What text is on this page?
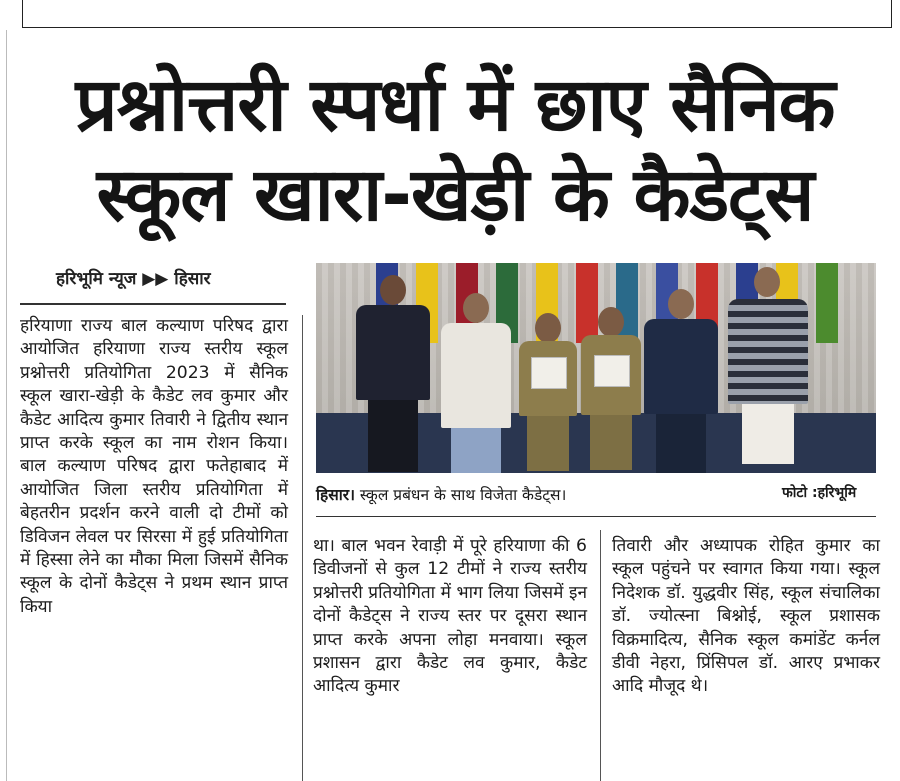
प्रश्नोत्तरी स्पर्धा में छाए सैनिक
स्कूल खारा-खेड़ी के कैडेट्स
हरिभूमि न्यूज ▶▶ हिसार
हरियाणा राज्य बाल कल्याण परिषद द्वारा आयोजित हरियाणा राज्य स्तरीय स्कूल प्रश्नोत्तरी प्रतियोगिता 2023 में सैनिक स्कूल खारा-खेड़ी के कैडेट लव कुमार और कैडेट आदित्य कुमार तिवारी ने द्वितीय स्थान प्राप्त करके स्कूल का नाम रोशन किया। बाल कल्याण परिषद द्वारा फतेहाबाद में आयोजित जिला स्तरीय प्रतियोगिता में बेहतरीन प्रदर्शन करने वाली दो टीमों को डिविजन लेवल पर सिरसा में हुई प्रतियोगिता में हिस्सा लेने का मौका मिला जिसमें सैनिक स्कूल के दोनों कैडेट्स ने प्रथम स्थान प्राप्त किया
हिसार। स्कूल प्रबंधन के साथ विजेता कैडेट्स।	फोटो :हरिभूमि
था। बाल भवन रेवाड़ी में पूरे हरियाणा की 6 डिवीजनों से कुल 12 टीमों ने राज्य स्तरीय प्रश्नोत्तरी प्रतियोगिता में भाग लिया जिसमें इन दोनों कैडेट्स ने राज्य स्तर पर दूसरा स्थान प्राप्त करके अपना लोहा मनवाया। स्कूल प्रशासन द्वारा कैडेट लव कुमार, कैडेट आदित्य कुमार
तिवारी और अध्यापक रोहित कुमार का स्कूल पहुंचने पर स्वागत किया गया। स्कूल निदेशक डॉ. युद्धवीर सिंह, स्कूल संचालिका डॉ. ज्योत्स्ना बिश्नोई, स्कूल प्रशासक विक्रमादित्य, सैनिक स्कूल कमांडेंट कर्नल डीवी नेहरा, प्रिंसिपल डॉ. आरए प्रभाकर आदि मौजूद थे।
